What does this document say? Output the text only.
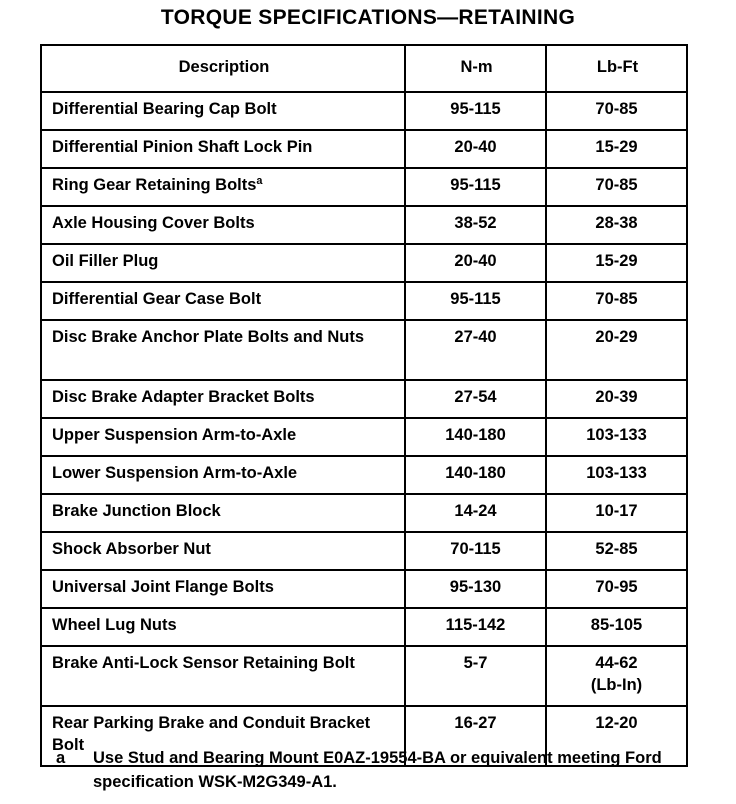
TORQUE SPECIFICATIONS—RETAINING
Description	N-m	Lb-Ft
Differential Bearing Cap Bolt	95-115	70-85
Differential Pinion Shaft Lock Pin	20-40	15-29
Ring Gear Retaining Boltsª	95-115	70-85
Axle Housing Cover Bolts	38-52	28-38
Oil Filler Plug	20-40	15-29
Differential Gear Case Bolt	95-115	70-85
Disc Brake Anchor Plate Bolts and Nuts	27-40	20-29
Disc Brake Adapter Bracket Bolts	27-54	20-39
Upper Suspension Arm-to-Axle	140-180	103-133
Lower Suspension Arm-to-Axle	140-180	103-133
Brake Junction Block	14-24	10-17
Shock Absorber Nut	70-115	52-85
Universal Joint Flange Bolts	95-130	70-95
Wheel Lug Nuts	115-142	85-105
Brake Anti-Lock Sensor Retaining Bolt	5-7	44-62
(Lb-In)

Rear Parking Brake and Conduit Bracket Bolt	16-27	12-20
a Use Stud and Bearing Mount E0AZ-19554-BA or equivalent meeting Ford specification WSK-M2G349-A1.
